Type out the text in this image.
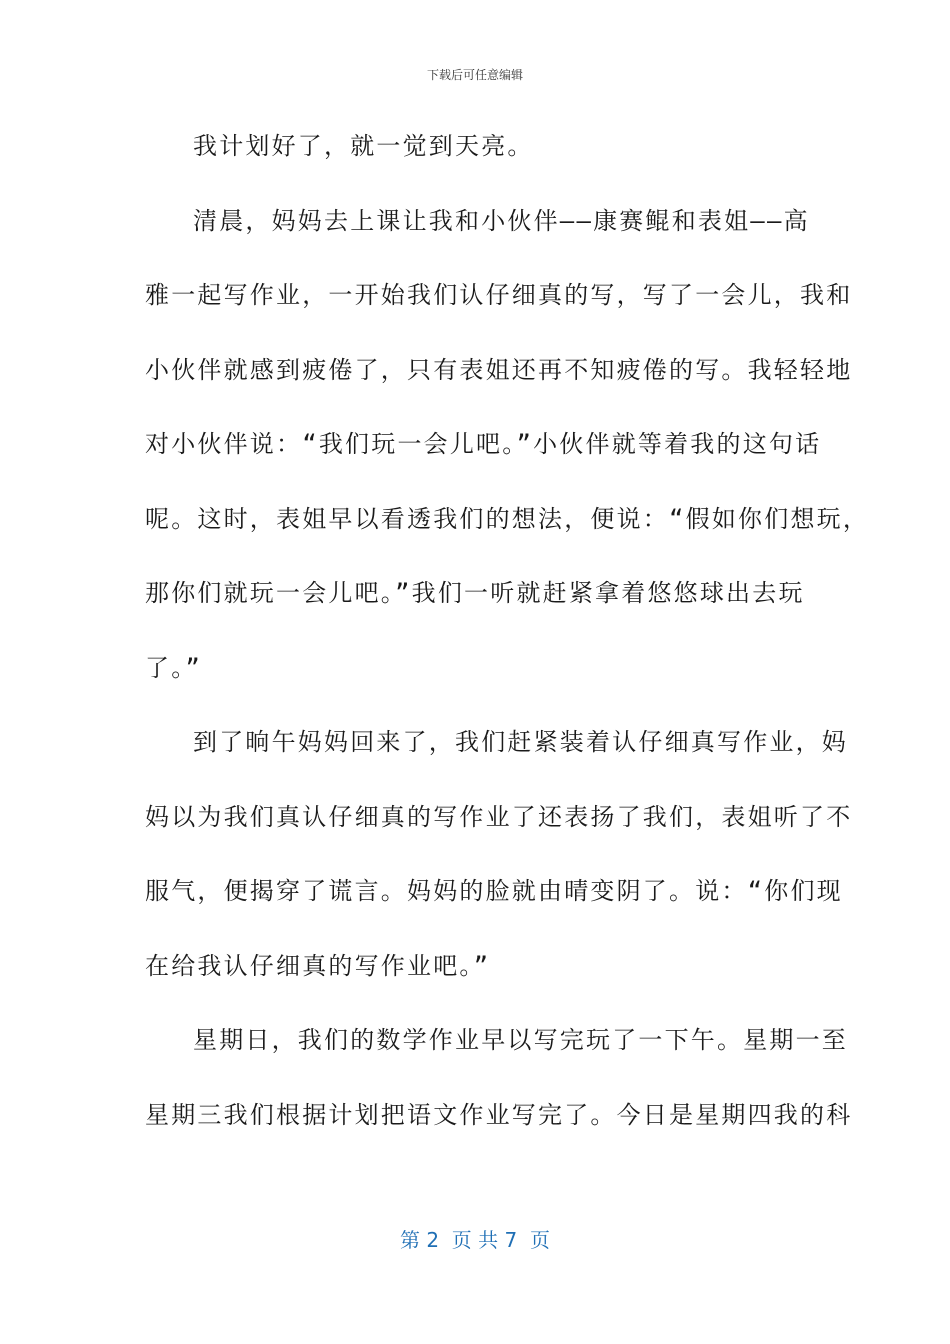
下载后可任意编辑
我计划好了，就一觉到天亮。
清晨，妈妈去上课让我和小伙伴——康赛鲲和表姐——高
雅一起写作业，一开始我们认仔细真的写，写了一会儿，我和
小伙伴就感到疲倦了，只有表姐还再不知疲倦的写。我轻轻地
对小伙伴说：“我们玩一会儿吧。”小伙伴就等着我的这句话
呢。这时，表姐早以看透我们的想法，便说：“假如你们想玩，
那你们就玩一会儿吧。”我们一听就赶紧拿着悠悠球出去玩
了。”
到了晌午妈妈回来了，我们赶紧装着认仔细真写作业，妈
妈以为我们真认仔细真的写作业了还表扬了我们，表姐听了不
服气，便揭穿了谎言。妈妈的脸就由晴变阴了。说：“你们现
在给我认仔细真的写作业吧。”
星期日，我们的数学作业早以写完玩了一下午。星期一至
星期三我们根据计划把语文作业写完了。今日是星期四我的科
第 2  页 共 7  页
